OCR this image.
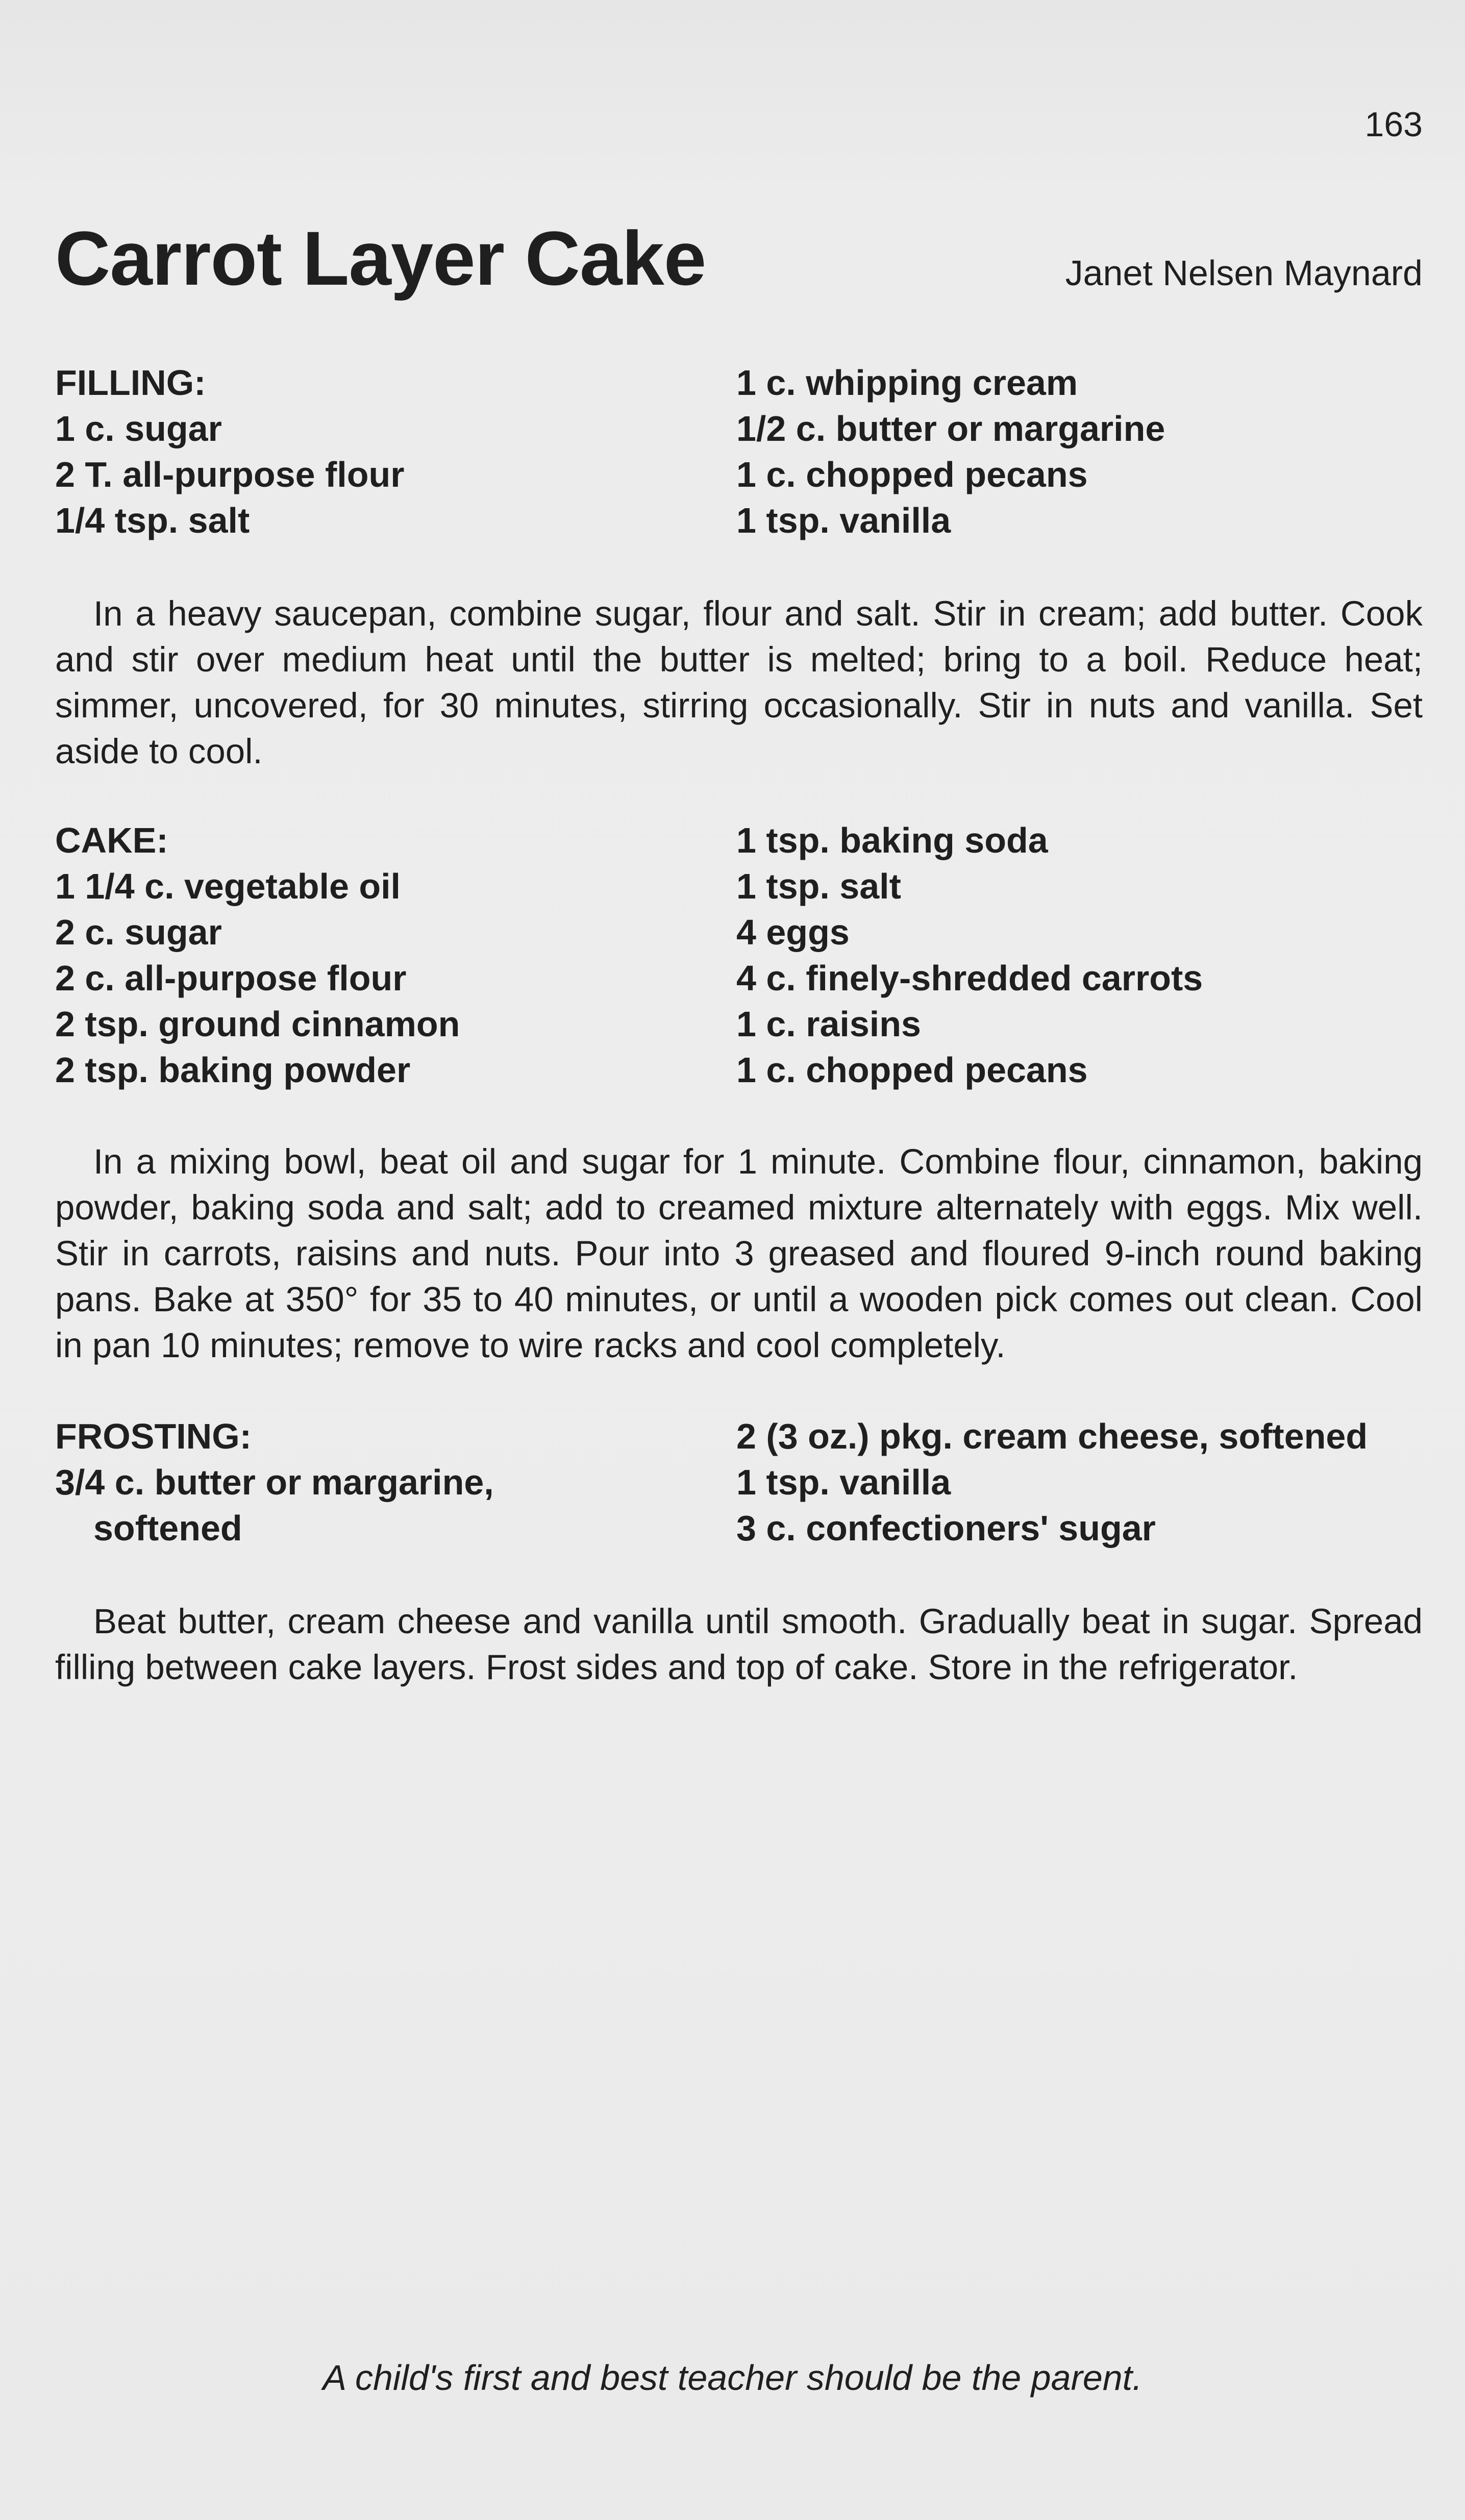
163
Carrot Layer Cake	Janet Nelsen Maynard
FILLING:
1 c. sugar
2 T. all-purpose flour
1/4 tsp. salt
1 c. whipping cream
1/2 c. butter or margarine
1 c. chopped pecans
1 tsp. vanilla
In a heavy saucepan, combine sugar, flour and salt. Stir in cream; add butter. Cook and stir over medium heat until the butter is melted; bring to a boil. Reduce heat; simmer, uncovered, for 30 minutes, stirring occasionally. Stir in nuts and vanilla. Set aside to cool.
CAKE:
1 1/4 c. vegetable oil
2 c. sugar
2 c. all-purpose flour
2 tsp. ground cinnamon
2 tsp. baking powder
1 tsp. baking soda
1 tsp. salt
4 eggs
4 c. finely-shredded carrots
1 c. raisins
1 c. chopped pecans
In a mixing bowl, beat oil and sugar for 1 minute. Combine flour, cinnamon, baking powder, baking soda and salt; add to creamed mixture alternately with eggs. Mix well. Stir in carrots, raisins and nuts. Pour into 3 greased and floured 9-inch round baking pans. Bake at 350° for 35 to 40 minutes, or until a wooden pick comes out clean. Cool in pan 10 minutes; remove to wire racks and cool completely.
FROSTING:
3/4 c. butter or margarine,
softened
2 (3 oz.) pkg. cream cheese, softened
1 tsp. vanilla
3 c. confectioners' sugar
Beat butter, cream cheese and vanilla until smooth. Gradually beat in sugar. Spread filling between cake layers. Frost sides and top of cake. Store in the refrigerator.
A child's first and best teacher should be the parent.
